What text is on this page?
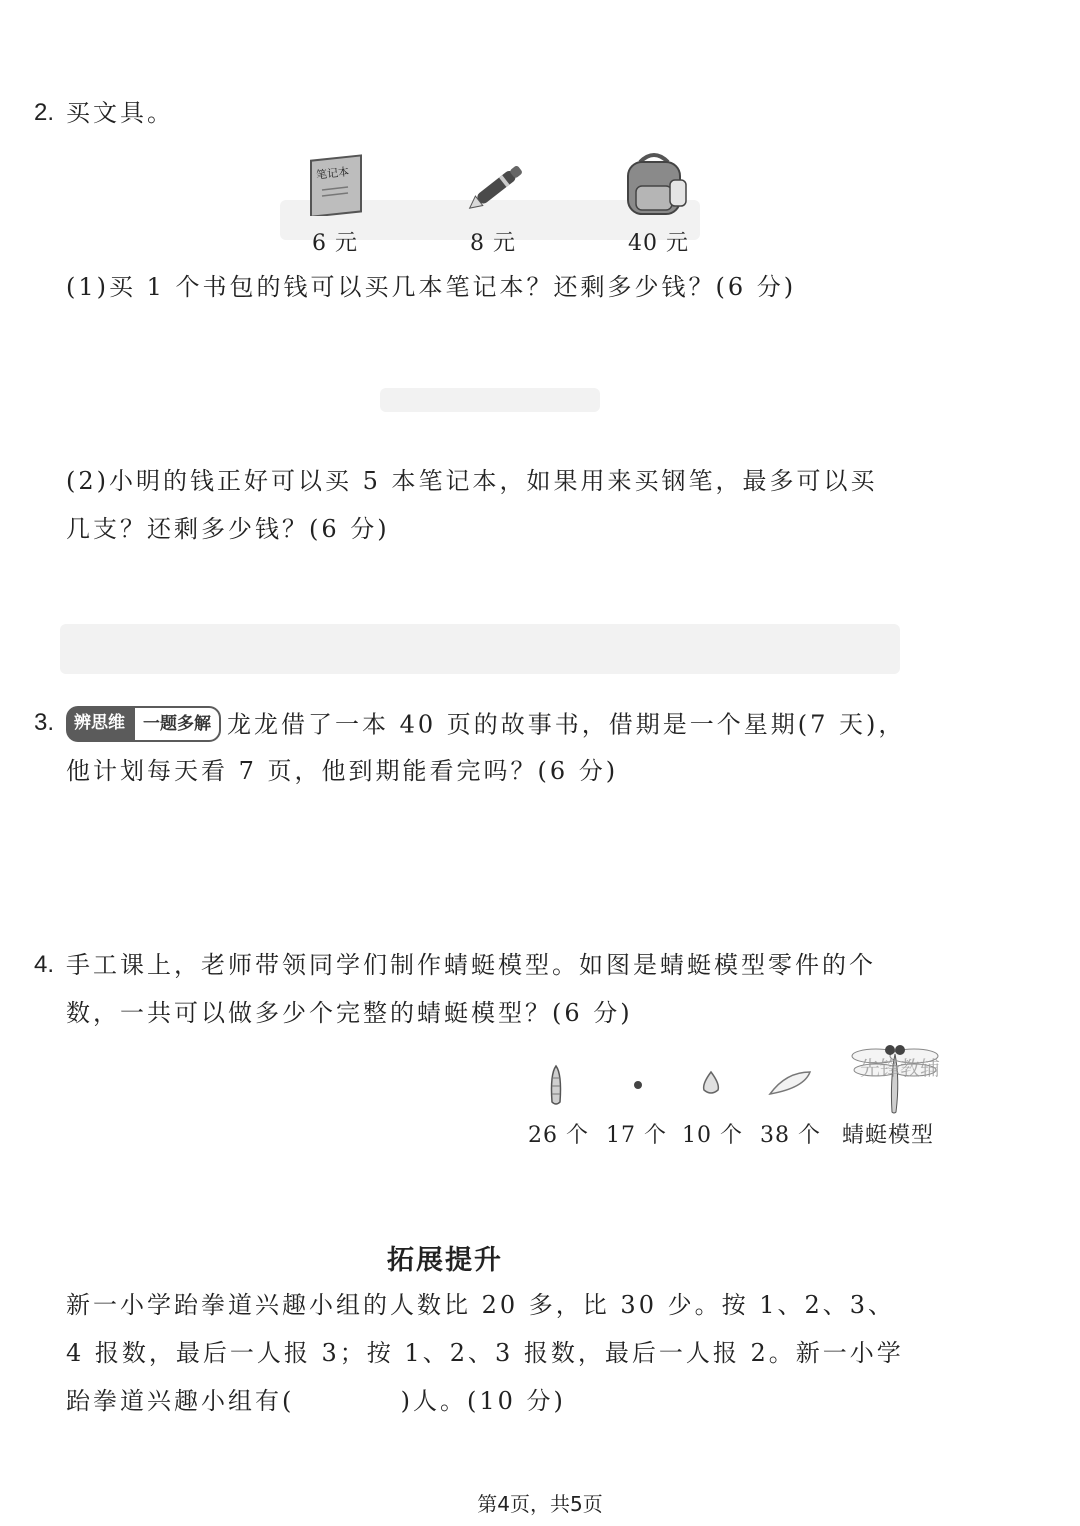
2. 买文具。
笔记本
6 元	8 元	40 元
(1)买 1 个书包的钱可以买几本笔记本？还剩多少钱？(6 分)
(2)小明的钱正好可以买 5 本笔记本，如果用来买钢笔，最多可以买
几支？还剩多少钱？(6 分)
3.	辨思维	一题多解 龙龙借了一本 40 页的故事书，借期是一个星期(7 天)，
他计划每天看 7 页，他到期能看完吗？(6 分)
4. 手工课上，老师带领同学们制作蜻蜓模型。如图是蜻蜓模型零件的个
数，一共可以做多少个完整的蜻蜓模型？(6 分)
先锋教辅
26 个 17 个 10 个 38 个 蜻蜓模型
拓展提升
新一小学跆拳道兴趣小组的人数比 20 多，比 30 少。按 1、2、3、
4 报数，最后一人报 3；按 1、2、3 报数，最后一人报 2。新一小学
跆拳道兴趣小组有(          )人。(10 分)
第4页，共5页
